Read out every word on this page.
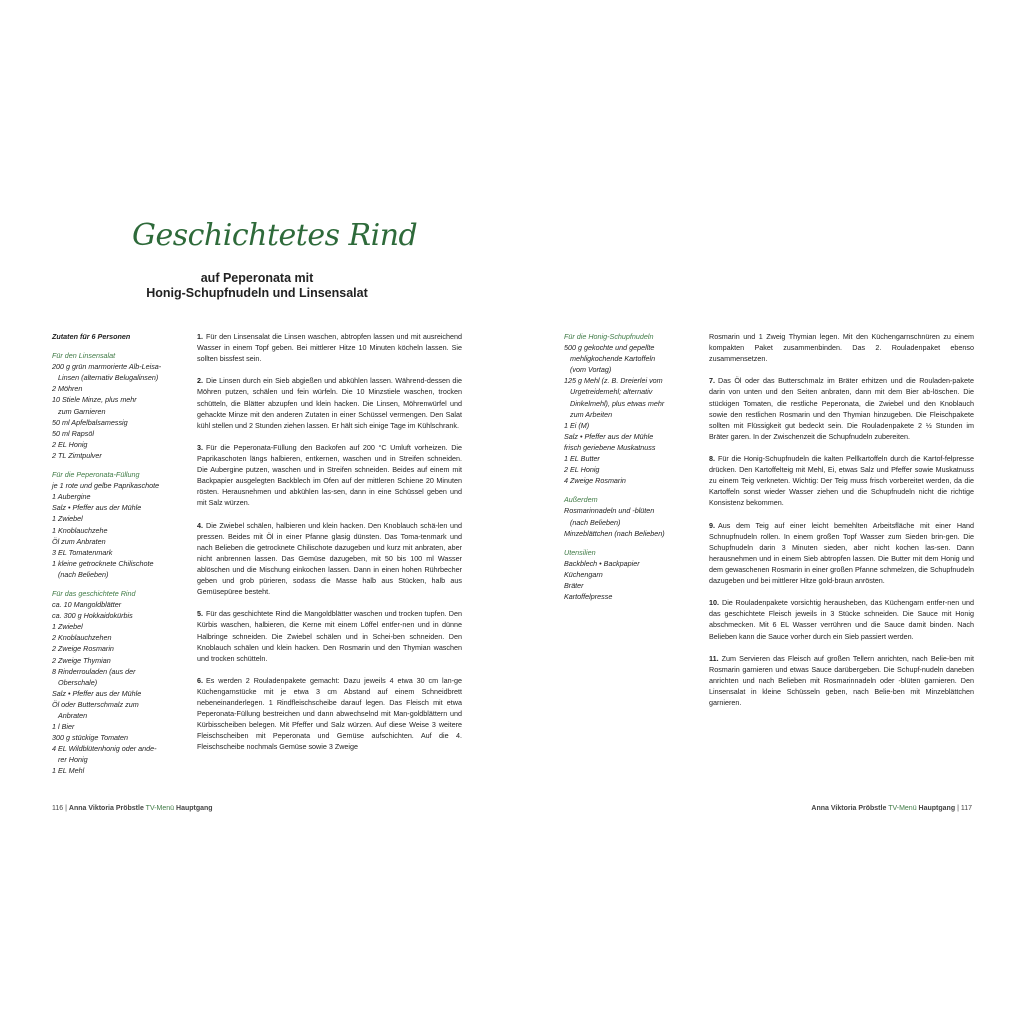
Geschichtetes Rind
auf Peperonata mit
Honig-Schupfnudeln und Linsensalat
Zutaten für 6 Personen
Für den Linsensalat
200 g grün marmorierte Alb-Leisa-
Linsen (alternativ Belugalinsen)
2 Möhren
10 Stiele Minze, plus mehr
zum Garnieren
50 ml Apfelbalsamessig
50 ml Rapsöl
2 EL Honig
2 TL Zimtpulver
Für die Peperonata-Füllung
je 1 rote und gelbe Paprikaschote
1 Aubergine
Salz • Pfeffer aus der Mühle
1 Zwiebel
1 Knoblauchzehe
Öl zum Anbraten
3 EL Tomatenmark
1 kleine getrocknete Chilischote
(nach Belieben)
Für das geschichtete Rind
ca. 10 Mangoldblätter
ca. 300 g Hokkaidokürbis
1 Zwiebel
2 Knoblauchzehen
2 Zweige Rosmarin
2 Zweige Thymian
8 Rinderrouladen (aus der
Oberschale)
Salz • Pfeffer aus der Mühle
Öl oder Butterschmalz zum
Anbraten
1 l Bier
300 g stückige Tomaten
4 EL Wildblütenhonig oder ande-
rer Honig
1 EL Mehl

1. Für den Linsensalat die Linsen waschen, abtropfen lassen und mit ausreichend Wasser in einem Topf geben. Bei mittlerer Hitze 10 Minuten köcheln lassen. Sie sollten bissfest sein.

2. Die Linsen durch ein Sieb abgießen und abkühlen lassen. Während-dessen die Möhren putzen, schälen und fein würfeln. Die 10 Minzstiele waschen, trocken schütteln, die Blätter abzupfen und klein hacken. Die Linsen, Möhrenwürfel und gehackte Minze mit den anderen Zutaten in einer Schüssel vermengen. Den Salat kühl stellen und 2 Stunden ziehen lassen. Er hält sich einige Tage im Kühlschrank.

3. Für die Peperonata-Füllung den Backofen auf 200 °C Umluft vorheizen. Die Paprikaschoten längs halbieren, entkernen, waschen und in Streifen schneiden. Die Aubergine putzen, waschen und in Streifen schneiden. Beides auf einem mit Backpapier ausgelegten Backblech im Ofen auf der mittleren Schiene 20 Minuten rösten. Herausnehmen und abkühlen las-sen, dann in eine Schüssel geben und mit Salz würzen.

4. Die Zwiebel schälen, halbieren und klein hacken. Den Knoblauch schä-len und pressen. Beides mit Öl in einer Pfanne glasig dünsten. Das Toma-tenmark und nach Belieben die getrocknete Chilischote dazugeben und kurz mit anbraten, aber nicht anbrennen lassen. Das Gemüse dazugeben, mit 50 bis 100 ml Wasser ablöschen und die Mischung einkochen lassen. Dann in einen hohen Rührbecher geben und grob pürieren, sodass die Masse halb aus Stücken, halb aus Gemüsepüree besteht.

5. Für das geschichtete Rind die Mangoldblätter waschen und trocken tupfen. Den Kürbis waschen, halbieren, die Kerne mit einem Löffel entfer-nen und in dünne Halbringe schneiden. Die Zwiebel schälen und in Schei-ben schneiden. Den Knoblauch schälen und klein hacken. Den Rosmarin und den Thymian waschen und trocken schütteln.

6. Es werden 2 Rouladenpakete gemacht: Dazu jeweils 4 etwa 30 cm lan-ge Küchengarnstücke mit je etwa 3 cm Abstand auf einem Schneidbrett nebeneinanderlegen. 1 Rindfleischscheibe darauf legen. Das Fleisch mit etwa Peperonata-Füllung bestreichen und dann abwechselnd mit Man-goldblättern und Kürbisscheiben belegen. Mit Pfeffer und Salz würzen. Auf diese Weise 3 weitere Fleischscheiben mit Peperonata und Gemüse aufschichten. Auf die 4. Fleischscheibe nochmals Gemüse sowie 3 Zweige

Für die Honig-Schupfnudeln
500 g gekochte und gepellte
mehligkochende Kartoffeln
(vom Vortag)
125 g Mehl (z. B. Dreierlei vom
Urgetreidemehl; alternativ
Dinkelmehl), plus etwas mehr
zum Arbeiten
1 Ei (M)
Salz • Pfeffer aus der Mühle
frisch geriebene Muskatnuss
1 EL Butter
2 EL Honig
4 Zweige Rosmarin
Außerdem
Rosmarinnadeln und -blüten
(nach Belieben)
Minzeblättchen (nach Belieben)
Utensilien
Backblech • Backpapier
Küchengarn
Bräter
Kartoffelpresse

Rosmarin und 1 Zweig Thymian legen. Mit den Küchengarnschnüren zu einem kompakten Paket zusammenbinden. Das 2. Rouladenpaket ebenso zusammensetzen.

7. Das Öl oder das Butterschmalz im Bräter erhitzen und die Rouladen-pakete darin von unten und den Seiten anbraten, dann mit dem Bier ab-löschen. Die stückigen Tomaten, die restliche Peperonata, die Zwiebel und den Knoblauch sowie den restlichen Rosmarin und den Thymian hinzugeben. Die Fleischpakete sollten mit Flüssigkeit gut bedeckt sein. Die Rouladenpakete 2 ½ Stunden im Bräter garen. In der Zwischenzeit die Schupfnudeln zubereiten.

8. Für die Honig-Schupfnudeln die kalten Pellkartoffeln durch die Kartof-felpresse drücken. Den Kartoffelteig mit Mehl, Ei, etwas Salz und Pfeffer sowie Muskatnuss zu einem Teig verkneten. Wichtig: Der Teig muss frisch vorbereitet werden, da die Kartoffeln sonst wieder Wasser ziehen und die Schupfnudeln nicht die richtige Konsistenz bekommen.

9. Aus dem Teig auf einer leicht bemehlten Arbeitsfläche mit einer Hand Schnupfnudeln rollen. In einem großen Topf Wasser zum Sieden brin-gen. Die Schupfnudeln darin 3 Minuten sieden, aber nicht kochen las-sen. Dann herausnehmen und in einem Sieb abtropfen lassen. Die Butter mit dem Honig und dem gewaschenen Rosmarin in einer großen Pfanne schmelzen, die Schupfnudeln dazugeben und bei mittlerer Hitze gold-braun anrösten.

10. Die Rouladenpakete vorsichtig herausheben, das Küchengarn entfer-nen und das geschichtete Fleisch jeweils in 3 Stücke schneiden. Die Sauce mit Honig abschmecken. Mit 6 EL Wasser verrühren und die Sauce damit binden. Nach Belieben kann die Sauce vorher durch ein Sieb passiert werden.

11. Zum Servieren das Fleisch auf großen Tellern anrichten, nach Belie-ben mit Rosmarin garnieren und etwas Sauce darübergeben. Die Schupf-nudeln daneben anrichten und nach Belieben mit Rosmarinnadeln oder -blüten garnieren. Den Linsensalat in kleine Schüsseln geben, nach Belie-ben mit Minzeblättchen garnieren.

116 | Anna Viktoria Pröbstle TV-Menü Hauptgang	Anna Viktoria Pröbstle TV-Menü Hauptgang | 117
